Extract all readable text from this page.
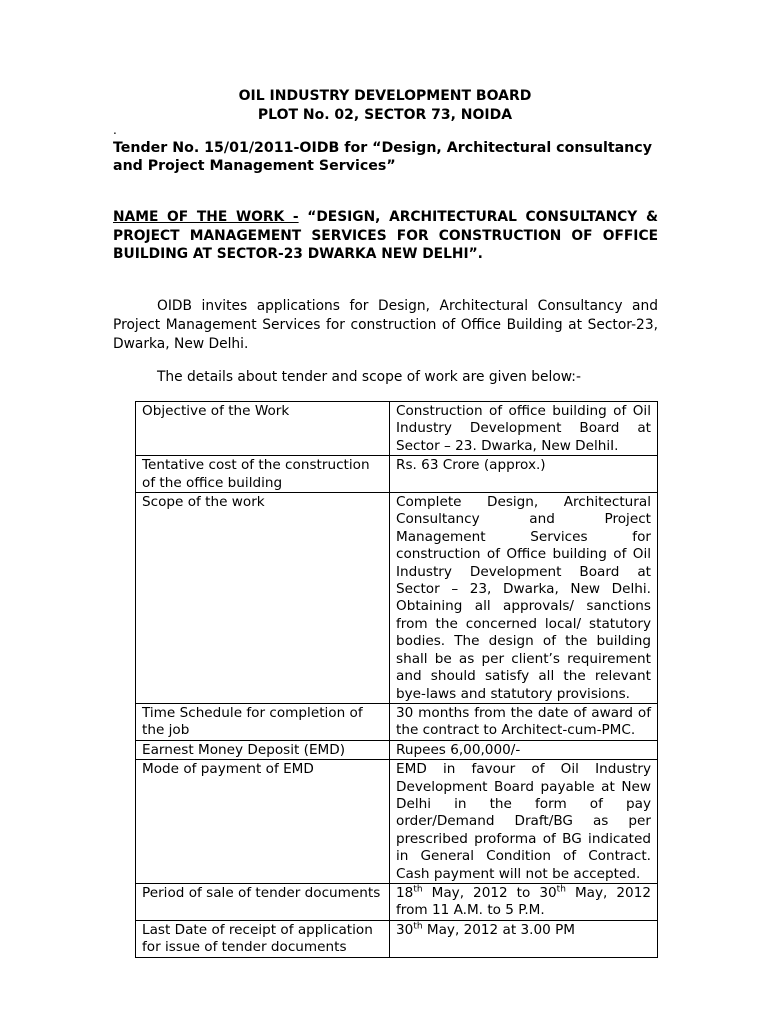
OIL INDUSTRY DEVELOPMENT BOARD
PLOT No. 02, SECTOR 73, NOIDA
.
Tender No. 15/01/2011-OIDB for “Design, Architectural consultancy and Project Management Services”
NAME OF THE WORK - “DESIGN, ARCHITECTURAL CONSULTANCY & PROJECT MANAGEMENT SERVICES FOR CONSTRUCTION OF OFFICE BUILDING AT SECTOR-23 DWARKA NEW DELHI”.
OIDB invites applications for Design, Architectural Consultancy and Project Management Services for construction of Office Building at Sector-23, Dwarka, New Delhi.
The details about tender and scope of work are given below:-
Objective of the Work	Construction of office building of Oil Industry Development Board at Sector – 23. Dwarka, New DelhiI.
Tentative cost of the construction of the office building	Rs. 63 Crore (approx.)
Scope of the work	Complete Design, Architectural Consultancy and Project Management Services for construction of Office building of Oil Industry Development Board at Sector – 23, Dwarka, New Delhi. Obtaining all approvals/ sanctions from the concerned local/ statutory bodies. The design of the building shall be as per client’s requirement and should satisfy all the relevant bye-laws and statutory provisions.
Time Schedule for completion of the job	30 months from the date of award of the contract to Architect-cum-PMC.
Earnest Money Deposit (EMD)	Rupees 6,00,000/-
Mode of payment of EMD	EMD in favour of Oil Industry Development Board payable at New Delhi in the form of pay order/Demand Draft/BG as per prescribed proforma of BG indicated in General Condition of Contract. Cash payment will not be accepted.
Period of sale of tender documents	18th May, 2012 to 30th May, 2012 from 11 A.M. to 5 P.M.
Last Date of receipt of application for issue of tender documents	30th May, 2012 at 3.00 PM
